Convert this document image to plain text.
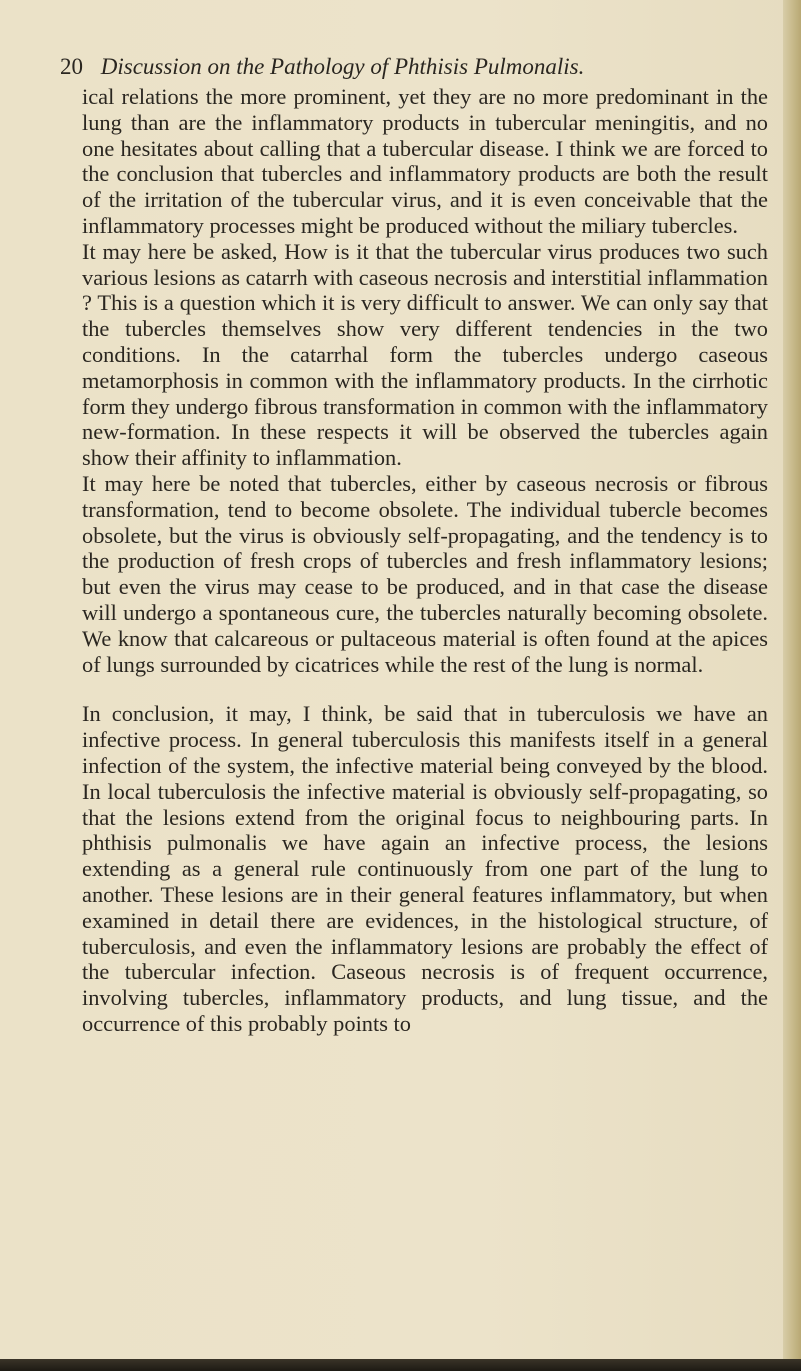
20 Discussion on the Pathology of Phthisis Pulmonalis.

ical relations the more prominent, yet they are no more predominant in the lung than are the inflammatory products in tubercular meningitis, and no one hesitates about calling that a tubercular disease. I think we are forced to the conclusion that tubercles and inflammatory products are both the result of the irritation of the tubercular virus, and it is even conceivable that the inflammatory processes might be produced without the miliary tubercles.

It may here be asked, How is it that the tubercular virus produces two such various lesions as catarrh with caseous necrosis and interstitial inflammation ? This is a question which it is very difficult to answer. We can only say that the tubercles themselves show very different tendencies in the two conditions. In the catarrhal form the tubercles undergo caseous metamorphosis in common with the inflammatory products. In the cirrhotic form they undergo fibrous transformation in common with the inflammatory new-formation. In these respects it will be observed the tubercles again show their affinity to inflammation.

It may here be noted that tubercles, either by caseous necrosis or fibrous transformation, tend to become obsolete. The individual tubercle becomes obsolete, but the virus is obviously self-propagating, and the tendency is to the production of fresh crops of tubercles and fresh inflammatory lesions; but even the virus may cease to be produced, and in that case the disease will undergo a spontaneous cure, the tubercles naturally becoming obsolete. We know that calcareous or pultaceous material is often found at the apices of lungs surrounded by cicatrices while the rest of the lung is normal.

In conclusion, it may, I think, be said that in tuberculosis we have an infective process. In general tuberculosis this manifests itself in a general infection of the system, the infective material being conveyed by the blood. In local tuberculosis the infective material is obviously self-propagating, so that the lesions extend from the original focus to neighbouring parts. In phthisis pulmonalis we have again an infective process, the lesions extending as a general rule continuously from one part of the lung to another. These lesions are in their general features inflammatory, but when examined in detail there are evidences, in the histological structure, of tuberculosis, and even the inflammatory lesions are probably the effect of the tubercular infection. Caseous necrosis is of frequent occurrence, involving tubercles, inflammatory products, and lung tissue, and the occurrence of this probably points to
